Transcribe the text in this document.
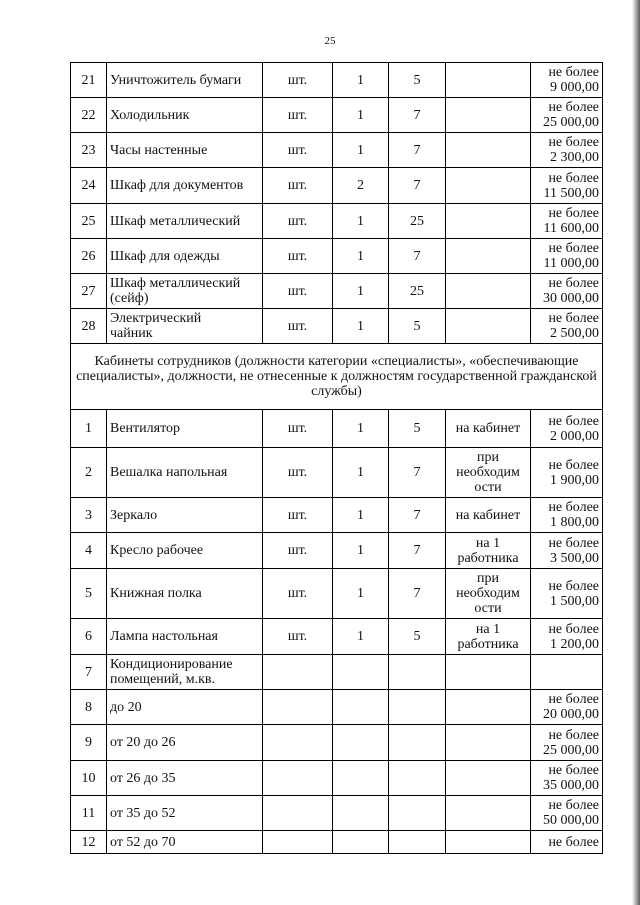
25
21	Уничтожитель бумаги	шт.	1	5		не более
9 000,00

22	Холодильник	шт.	1	7		не более
25 000,00

23	Часы настенные	шт.	1	7		не более
2 300,00

24	Шкаф для документов	шт.	2	7		не более
11 500,00

25	Шкаф металлический	шт.	1	25		не более
11 600,00

26	Шкаф для одежды	шт.	1	7		не более
11 000,00

27	Шкаф металлический
(сейф)	шт.	1	25		не более
30 000,00

28	Электрический
чайник	шт.	1	5		не более
2 500,00

Кабинеты сотрудников (должности категории «специалисты», «обеспечивающие специалисты», должности, не отнесенные к должностям государственной гражданской службы)						
1	Вентилятор	шт.	1	5	на кабинет	не более
2 000,00

2	Вешалка напольная	шт.	1	7	при
необходим
ости	не более
1 900,00

3	Зеркало	шт.	1	7	на кабинет	не более
1 800,00

4	Кресло рабочее	шт.	1	7	на 1
работника	не более
3 500,00

5	Книжная полка	шт.	1	7	при
необходим
ости	не более
1 500,00

6	Лампа настольная	шт.	1	5	на 1
работника	не более
1 200,00

7	Кондиционирование
помещений, м.кв.					

8	до 20					не более
20 000,00

9	от 20 до 26					не более
25 000,00

10	от 26 до 35					не более
35 000,00

11	от 35 до 52					не более
50 000,00

12	от 52 до 70					не более
